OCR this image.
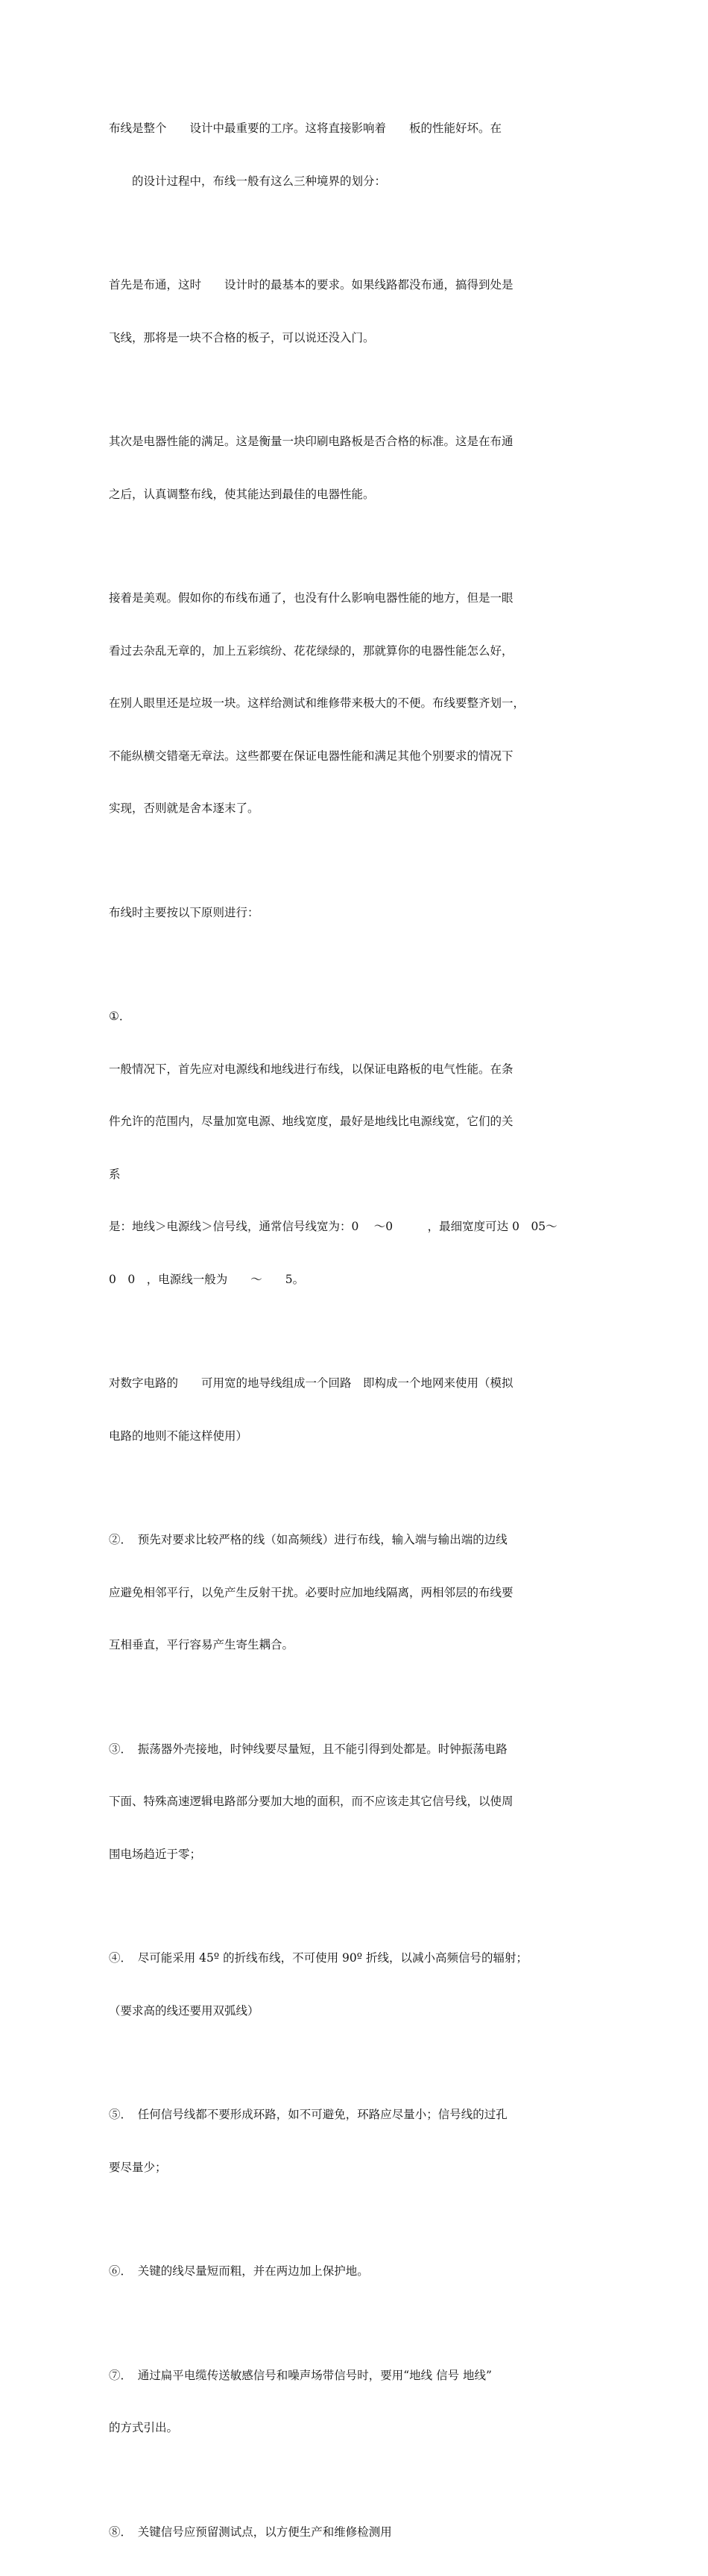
布线是整个　　设计中最重要的工序。这将直接影响着　　板的性能好坏。在

　　的设计过程中，布线一般有这么三种境界的划分：

首先是布通，这时　　设计时的最基本的要求。如果线路都没布通，搞得到处是

飞线，那将是一块不合格的板子，可以说还没入门。

其次是电器性能的满足。这是衡量一块印刷电路板是否合格的标准。这是在布通

之后，认真调整布线，使其能达到最佳的电器性能。

接着是美观。假如你的布线布通了，也没有什么影响电器性能的地方，但是一眼

看过去杂乱无章的，加上五彩缤纷、花花绿绿的，那就算你的电器性能怎么好，

在别人眼里还是垃圾一块。这样给测试和维修带来极大的不便。布线要整齐划一，

不能纵横交错毫无章法。这些都要在保证电器性能和满足其他个别要求的情况下

实现，否则就是舍本逐末了。

布线时主要按以下原则进行：

①．

一般情况下，首先应对电源线和地线进行布线，以保证电路板的电气性能。在条

件允许的范围内，尽量加宽电源、地线宽度，最好是地线比电源线宽，它们的关

系

是：地线＞电源线＞信号线，通常信号线宽为：0　 ～0　　　，最细宽度可达 0　05～

0　0　，电源线一般为　　～　　5。

对数字电路的　　可用宽的地导线组成一个回路　即构成一个地网来使用（模拟

电路的地则不能这样使用）

②．　预先对要求比较严格的线（如高频线）进行布线，输入端与输出端的边线

应避免相邻平行，以免产生反射干扰。必要时应加地线隔离，两相邻层的布线要

互相垂直，平行容易产生寄生耦合。

③．　振荡器外壳接地，时钟线要尽量短，且不能引得到处都是。时钟振荡电路

下面、特殊高速逻辑电路部分要加大地的面积，而不应该走其它信号线，以使周

围电场趋近于零；

④．　尽可能采用 45º 的折线布线，不可使用 90º 折线，以减小高频信号的辐射；

（要求高的线还要用双弧线）

⑤．　任何信号线都不要形成环路，如不可避免，环路应尽量小；信号线的过孔

要尽量少；

⑥．　关键的线尽量短而粗，并在两边加上保护地。

⑦．　通过扁平电缆传送敏感信号和噪声场带信号时，要用“地线 信号 地线”

的方式引出。

⑧．　关键信号应预留测试点，以方便生产和维修检测用
